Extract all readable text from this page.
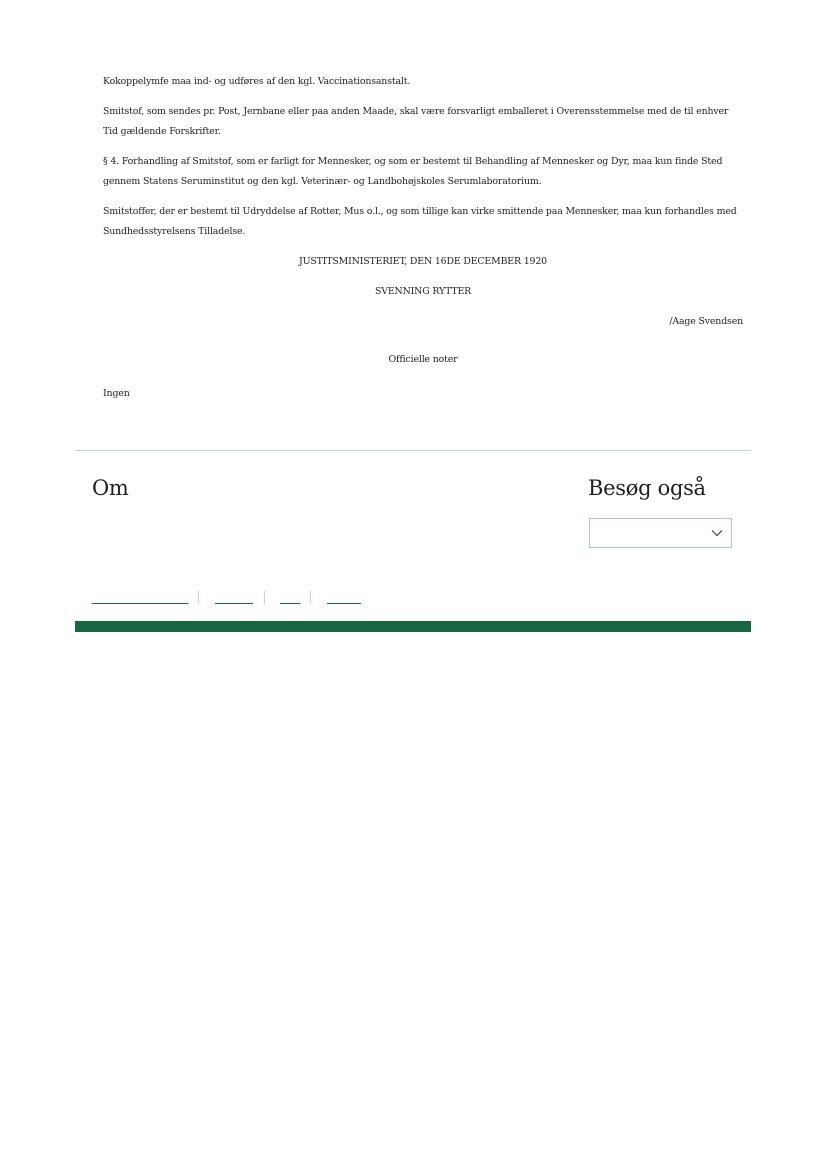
Kokoppelymfe maa ind- og udføres af den kgl. Vaccinationsanstalt.

Smitstof, som sendes pr. Post, Jernbane eller paa anden Maade, skal være forsvarligt emballeret i Overensstemmelse med de til enhver Tid gældende Forskrifter.

§ 4. Forhandling af Smitstof, som er farligt for Mennesker, og som er bestemt til Behandling af Mennesker og Dyr, maa kun finde Sted gennem Statens Seruminstitut og den kgl. Veterinær- og Landbohøjskoles Serumlaboratorium.

Smitstoffer, der er bestemt til Udryddelse af Rotter, Mus o.l., og som tillige kan virke smittende paa Mennesker, maa kun forhandles med Sundhedsstyrelsens Tilladelse.

JUSTITSMINISTERIET, DEN 16DE DECEMBER 1920

SVENNING RYTTER

/Aage Svendsen

Officielle noter

Ingen

Om	Besøg også
